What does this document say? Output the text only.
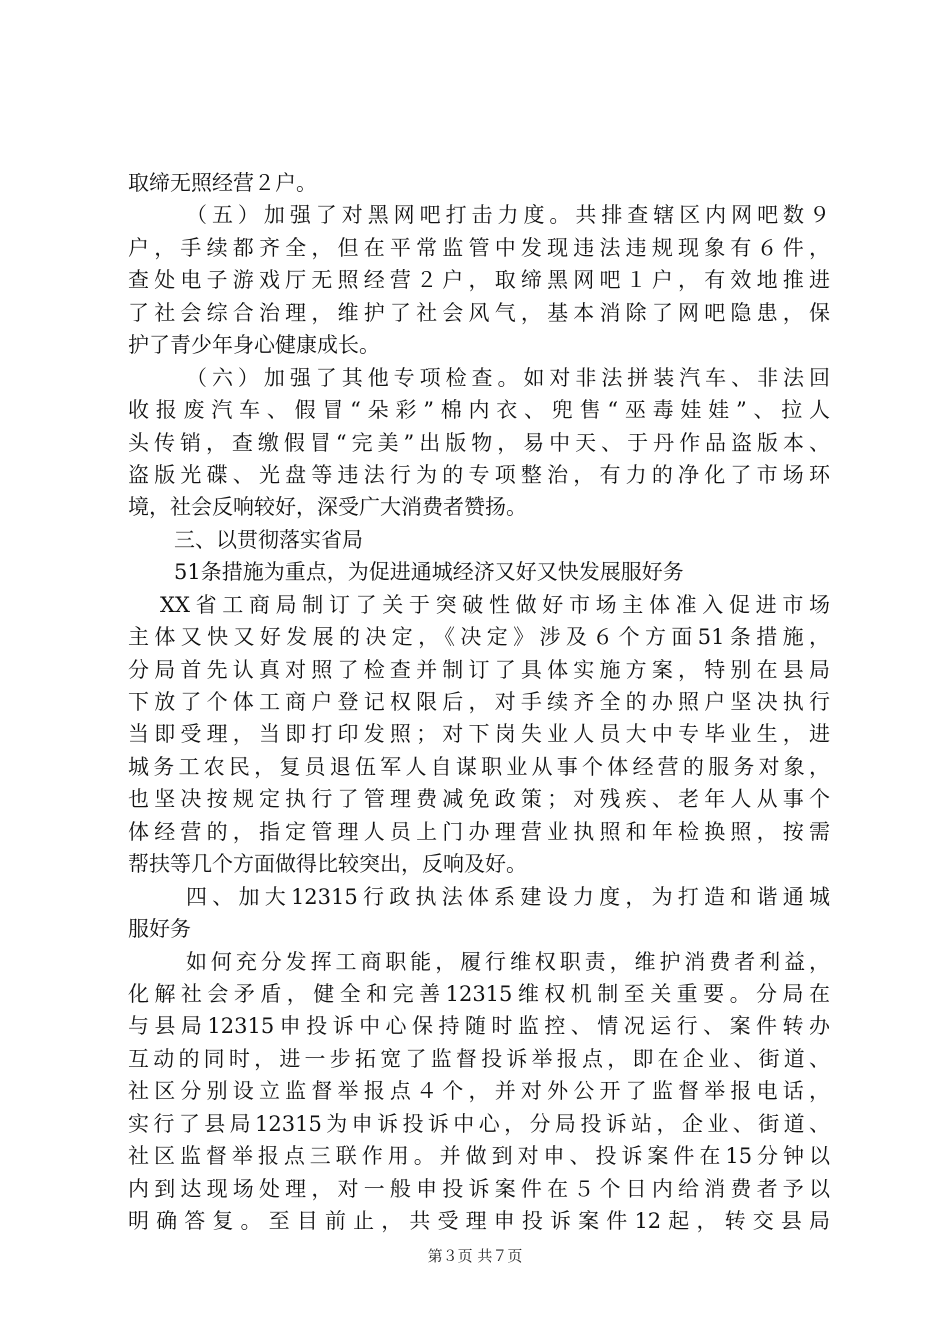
取缔无照经营２户。
（五）加强了对黑网吧打击力度。共排查辖区内网吧数９
户，手续都齐全，但在平常监管中发现违法违规现象有６件，
查处电子游戏厅无照经营２户，取缔黑网吧１户，有效地推进
了社会综合治理，维护了社会风气，基本消除了网吧隐患，保
护了青少年身心健康成长。
（六）加强了其他专项检查。如对非法拼装汽车、非法回
收报废汽车、假冒“朵彩”棉内衣、兜售“巫毒娃娃”、拉人
头传销，查缴假冒“完美”出版物，易中天、于丹作品盗版本、
盗版光碟、光盘等违法行为的专项整治，有力的净化了市场环
境，社会反响较好，深受广大消费者赞扬。
三、以贯彻落实省局
51条措施为重点，为促进通城经济又好又快发展服好务
XX省工商局制订了关于突破性做好市场主体准入促进市场
主体又快又好发展的决定，《决定》涉及６个方面51条措施，
分局首先认真对照了检查并制订了具体实施方案，特别在县局
下放了个体工商户登记权限后，对手续齐全的办照户坚决执行
当即受理，当即打印发照；对下岗失业人员大中专毕业生，进
城务工农民，复员退伍军人自谋职业从事个体经营的服务对象，
也坚决按规定执行了管理费减免政策；对残疾、老年人从事个
体经营的，指定管理人员上门办理营业执照和年检换照，按需
帮扶等几个方面做得比较突出，反响及好。
四、加大12315行政执法体系建设力度，为打造和谐通城
服好务
如何充分发挥工商职能，履行维权职责，维护消费者利益，
化解社会矛盾，健全和完善12315维权机制至关重要。分局在
与县局12315申投诉中心保持随时监控、情况运行、案件转办
互动的同时，进一步拓宽了监督投诉举报点，即在企业、街道、
社区分别设立监督举报点４个，并对外公开了监督举报电话，
实行了县局12315为申诉投诉中心，分局投诉站，企业、街道、
社区监督举报点三联作用。并做到对申、投诉案件在15分钟以
内到达现场处理，对一般申投诉案件在５个日内给消费者予以
明确答复。至目前止，共受理申投诉案件12起，转交县局
第３页 共７页
